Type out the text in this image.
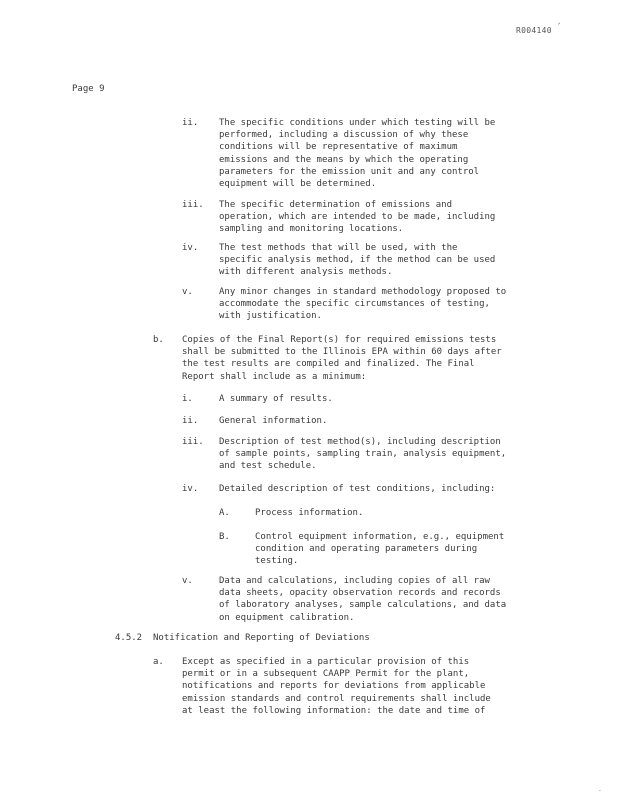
´
R004140
Page 9
ii. The specific conditions under which testing will be
performed, including a discussion of why these
conditions will be representative of maximum
emissions and the means by which the operating
parameters for the emission unit and any control
equipment will be determined.
iii. The specific determination of emissions and
operation, which are intended to be made, including
sampling and monitoring locations.
iv. The test methods that will be used, with the
specific analysis method, if the method can be used
with different analysis methods.
v.	Any minor changes in standard methodology proposed to
accommodate the specific circumstances of testing,
with justification.
b. Copies of the Final Report(s) for required emissions tests
shall be submitted to the Illinois EPA within 60 days after
the test results are compiled and finalized. The Final
Report shall include as a minimum:
i.	A summary of results.
ii. General information.
iii. Description of test method(s), including description
of sample points, sampling train, analysis equipment,
and test schedule.
iv. Detailed description of test conditions, including:
A.	Process information.
B.	Control equipment information, e.g., equipment
condition and operating parameters during
testing.
v.	Data and calculations, including copies of all raw
data sheets, opacity observation records and records
of laboratory analyses, sample calculations, and data
on equipment calibration.
4.5.2 Notification and Reporting of Deviations
a. Except as specified in a particular provision of this
permit or in a subsequent CAAPP Permit for the plant,
notifications and reports for deviations from applicable
emission standards and control requirements shall include
at least the following information: the date and time of
¯
